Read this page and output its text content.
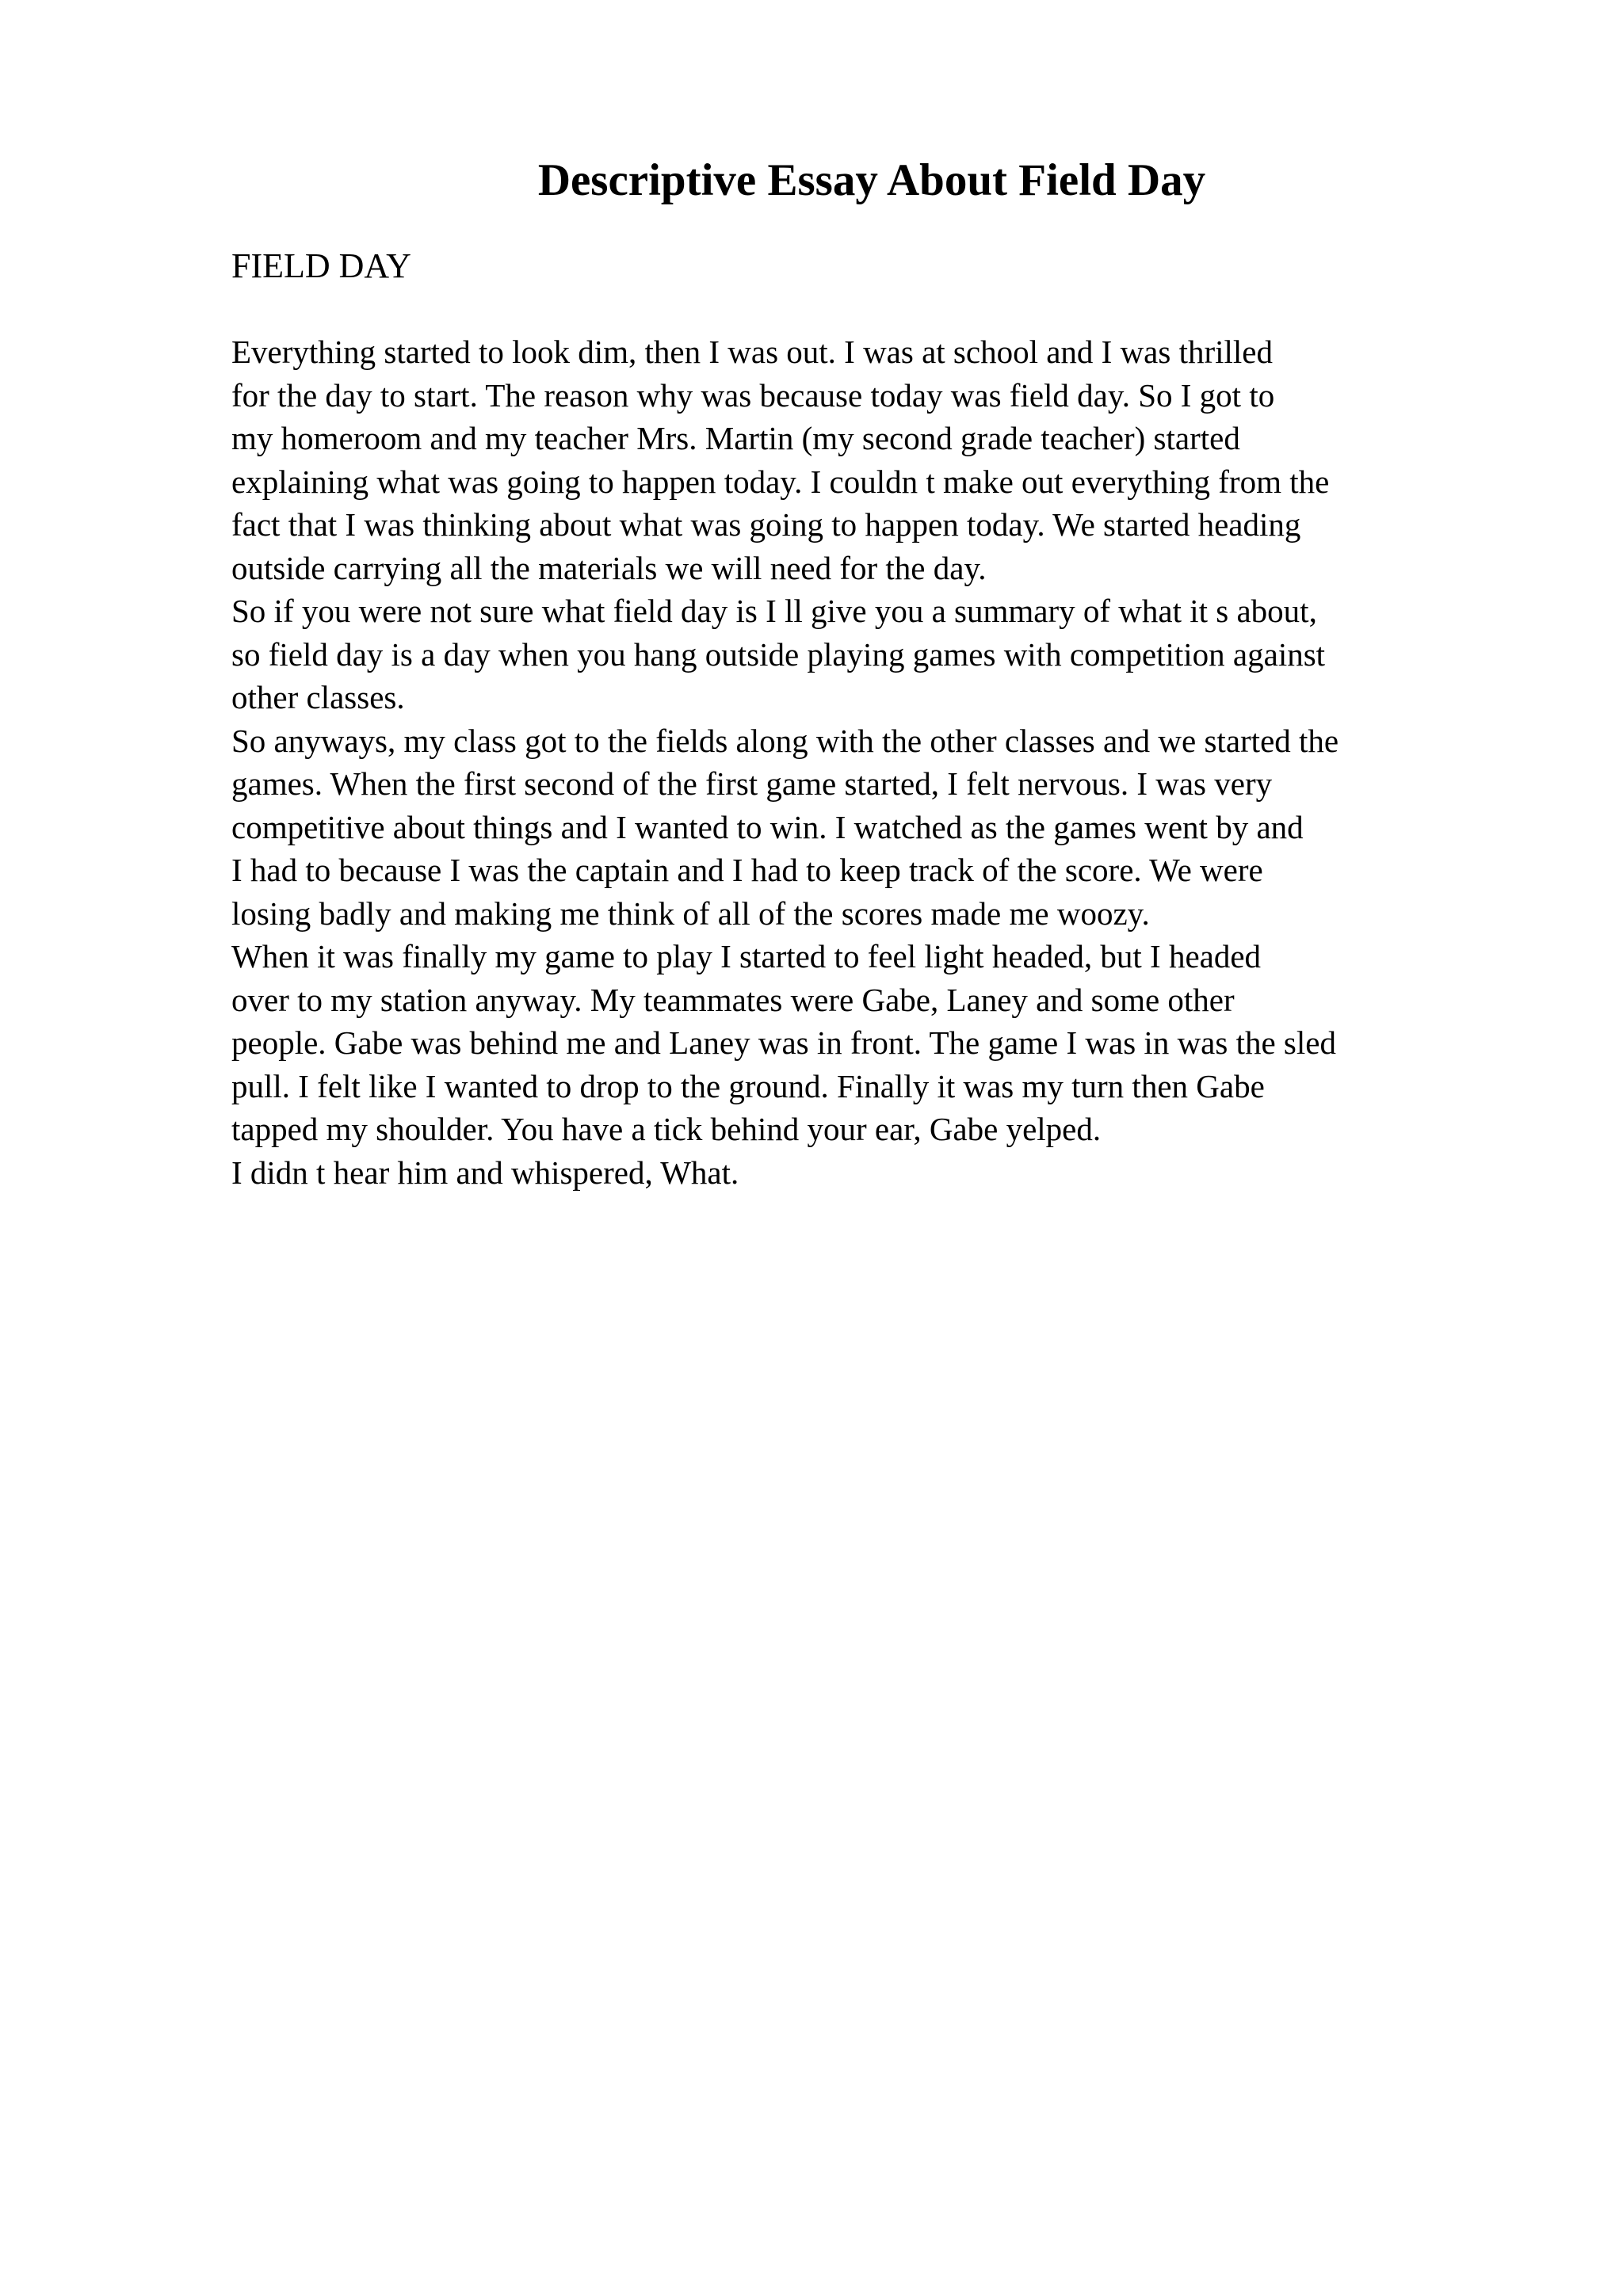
Descriptive Essay About Field Day

FIELD DAY

Everything started to look dim, then I was out. I was at school and I was thrilled
for the day to start. The reason why was because today was field day. So I got to
my homeroom and my teacher Mrs. Martin (my second grade teacher) started
explaining what was going to happen today. I couldn t make out everything from the
fact that I was thinking about what was going to happen today. We started heading
outside carrying all the materials we will need for the day.
So if you were not sure what field day is I ll give you a summary of what it s about,
so field day is a day when you hang outside playing games with competition against
other classes.
So anyways, my class got to the fields along with the other classes and we started the
games. When the first second of the first game started, I felt nervous. I was very
competitive about things and I wanted to win. I watched as the games went by and
I had to because I was the captain and I had to keep track of the score. We were
losing badly and making me think of all of the scores made me woozy.
When it was finally my game to play I started to feel light headed, but I headed
over to my station anyway. My teammates were Gabe, Laney and some other
people. Gabe was behind me and Laney was in front. The game I was in was the sled
pull. I felt like I wanted to drop to the ground. Finally it was my turn then Gabe
tapped my shoulder. You have a tick behind your ear, Gabe yelped.
I didn t hear him and whispered, What.
